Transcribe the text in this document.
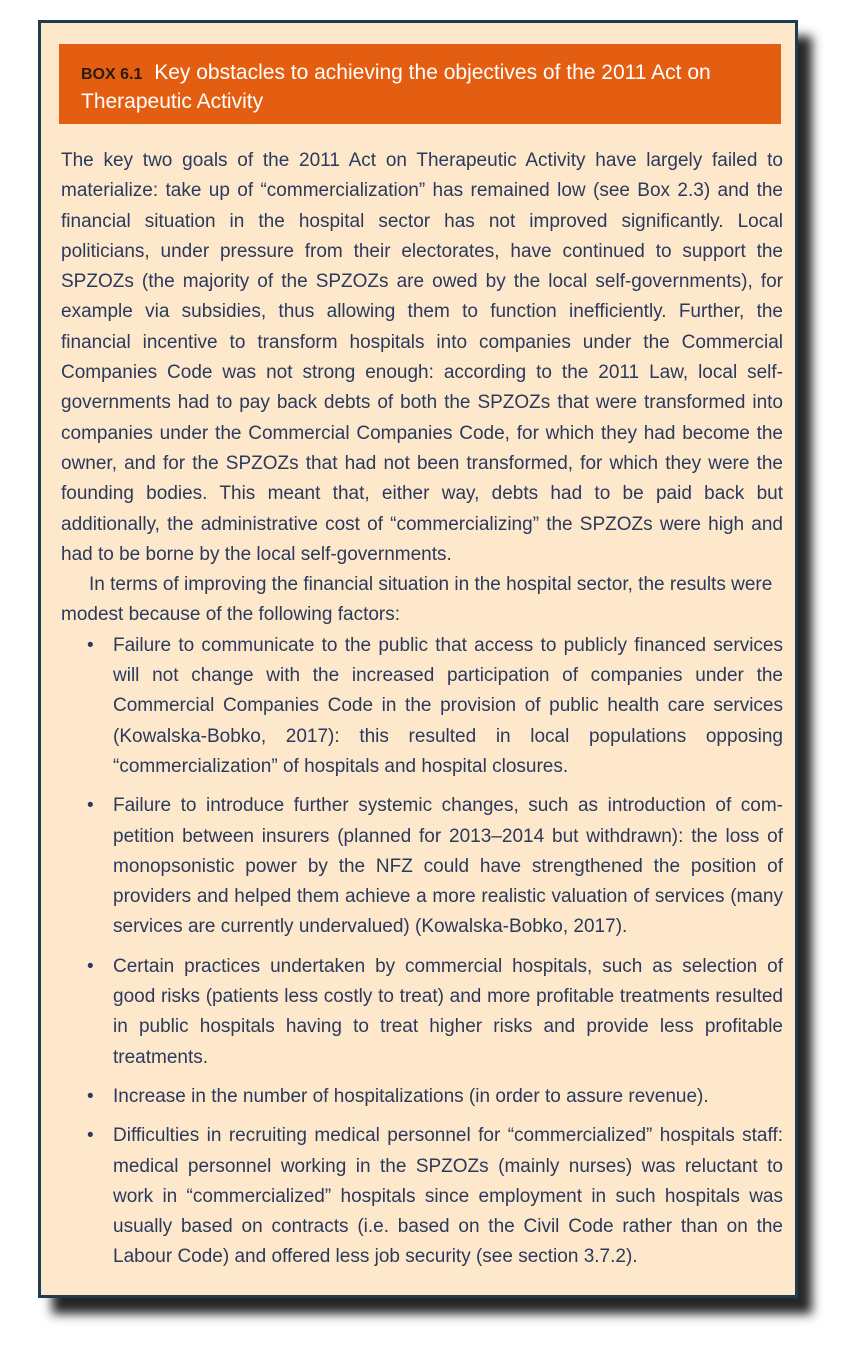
BOX 6.1 Key obstacles to achieving the objectives of the 2011 Act on Therapeutic Activity

The key two goals of the 2011 Act on Therapeutic Activity have largely failed to materialize: take up of “commercialization” has remained low (see Box 2.3) and the financial situation in the hospital sector has not improved significantly. Local politicians, under pressure from their electorates, have continued to support the SPZOZs (the majority of the SPZOZs are owed by the local self-governments), for example via subsidies, thus allowing them to function inefficiently. Further, the financial incentive to transform hospitals into companies under the Commercial Companies Code was not strong enough: according to the 2011 Law, local self-governments had to pay back debts of both the SPZOZs that were transformed into companies under the Commercial Companies Code, for which they had become the owner, and for the SPZOZs that had not been transformed, for which they were the founding bodies. This meant that, either way, debts had to be paid back but additionally, the administrative cost of “commercializing” the SPZOZs were high and had to be borne by the local self-governments.

In terms of improving the financial situation in the hospital sector, the results were modest because of the following factors:

• Failure to communicate to the public that access to publicly financed services will not change with the increased participation of companies under the Commercial Companies Code in the provision of public health care services (Kowalska-Bobko, 2017): this resulted in local populations opposing “commercialization” of hospitals and hospital closures.
• Failure to introduce further systemic changes, such as introduction of competition between insurers (planned for 2013–2014 but withdrawn): the loss of monopsonistic power by the NFZ could have strengthened the position of providers and helped them achieve a more realistic valuation of services (many services are currently undervalued) (Kowalska-Bobko, 2017).
• Certain practices undertaken by commercial hospitals, such as selection of good risks (patients less costly to treat) and more profitable treatments resulted in public hospitals having to treat higher risks and provide less profitable treatments.
• Increase in the number of hospitalizations (in order to assure revenue).
• Difficulties in recruiting medical personnel for “commercialized” hospitals staff: medical personnel working in the SPZOZs (mainly nurses) was reluctant to work in “commercialized” hospitals since employment in such hospitals was usually based on contracts (i.e. based on the Civil Code rather than on the Labour Code) and offered less job security (see section 3.7.2).
